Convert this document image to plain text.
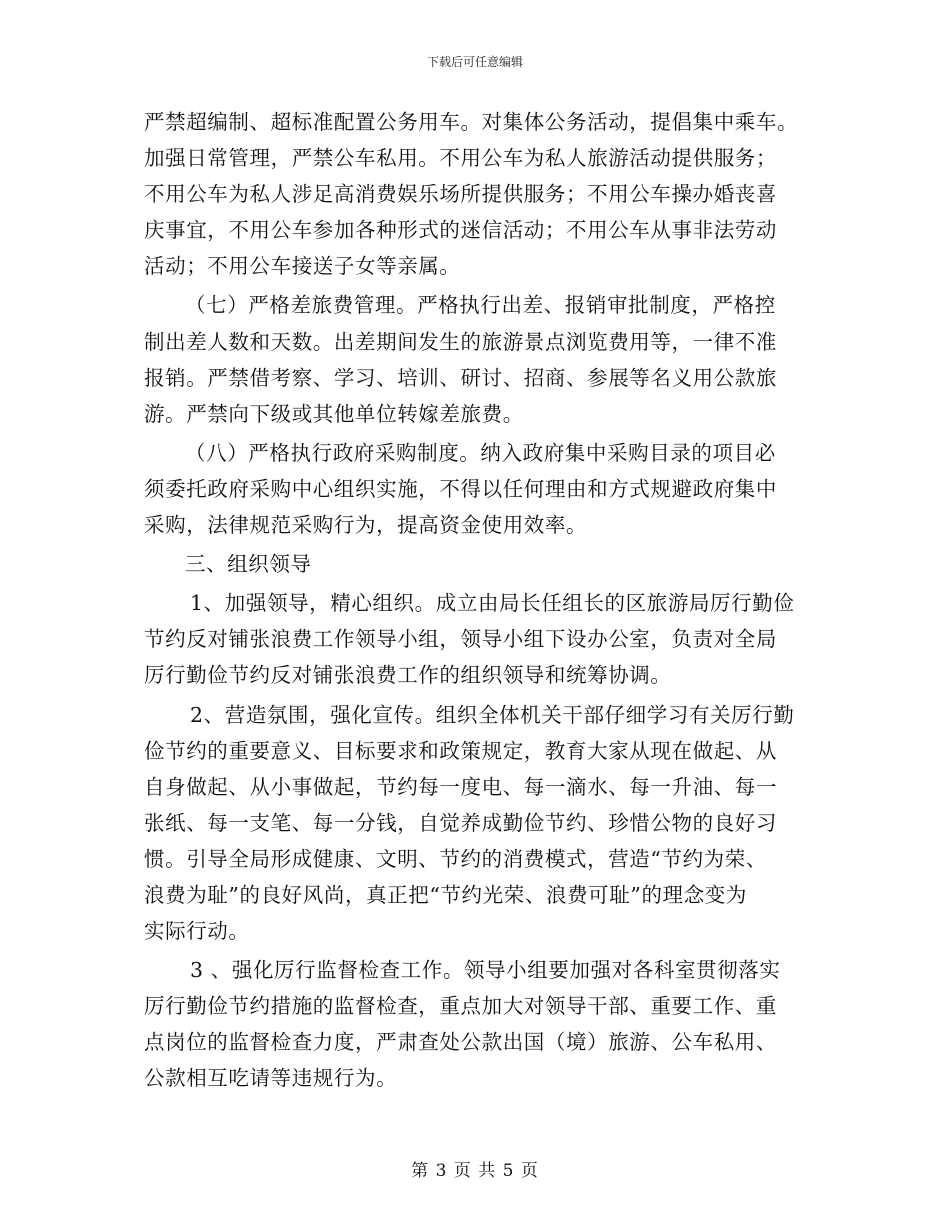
下载后可任意编辑
严禁超编制、超标准配置公务用车。对集体公务活动，提倡集中乘车。
加强日常管理，严禁公车私用。不用公车为私人旅游活动提供服务；
不用公车为私人涉足高消费娱乐场所提供服务；不用公车操办婚丧喜
庆事宜，不用公车参加各种形式的迷信活动；不用公车从事非法劳动
活动；不用公车接送子女等亲属。
（七）严格差旅费管理。严格执行出差、报销审批制度，严格控
制出差人数和天数。出差期间发生的旅游景点浏览费用等，一律不准
报销。严禁借考察、学习、培训、研讨、招商、参展等名义用公款旅
游。严禁向下级或其他单位转嫁差旅费。
（八）严格执行政府采购制度。纳入政府集中采购目录的项目必
须委托政府采购中心组织实施，不得以任何理由和方式规避政府集中
采购，法律规范采购行为，提高资金使用效率。
三、组织领导
1、加强领导，精心组织。成立由局长任组长的区旅游局厉行勤俭
节约反对铺张浪费工作领导小组，领导小组下设办公室，负责对全局
厉行勤俭节约反对铺张浪费工作的组织领导和统筹协调。
2、营造氛围，强化宣传。组织全体机关干部仔细学习有关厉行勤
俭节约的重要意义、目标要求和政策规定，教育大家从现在做起、从
自身做起、从小事做起，节约每一度电、每一滴水、每一升油、每一
张纸、每一支笔、每一分钱，自觉养成勤俭节约、珍惜公物的良好习
惯。引导全局形成健康、文明、节约的消费模式，营造“节约为荣、
浪费为耻”的良好风尚，真正把“节约光荣、浪费可耻”的理念变为
实际行动。
3 、强化厉行监督检查工作。领导小组要加强对各科室贯彻落实
厉行勤俭节约措施的监督检查，重点加大对领导干部、重要工作、重
点岗位的监督检查力度，严肃查处公款出国（境）旅游、公车私用、
公款相互吃请等违规行为。
第 3 页 共 5 页
